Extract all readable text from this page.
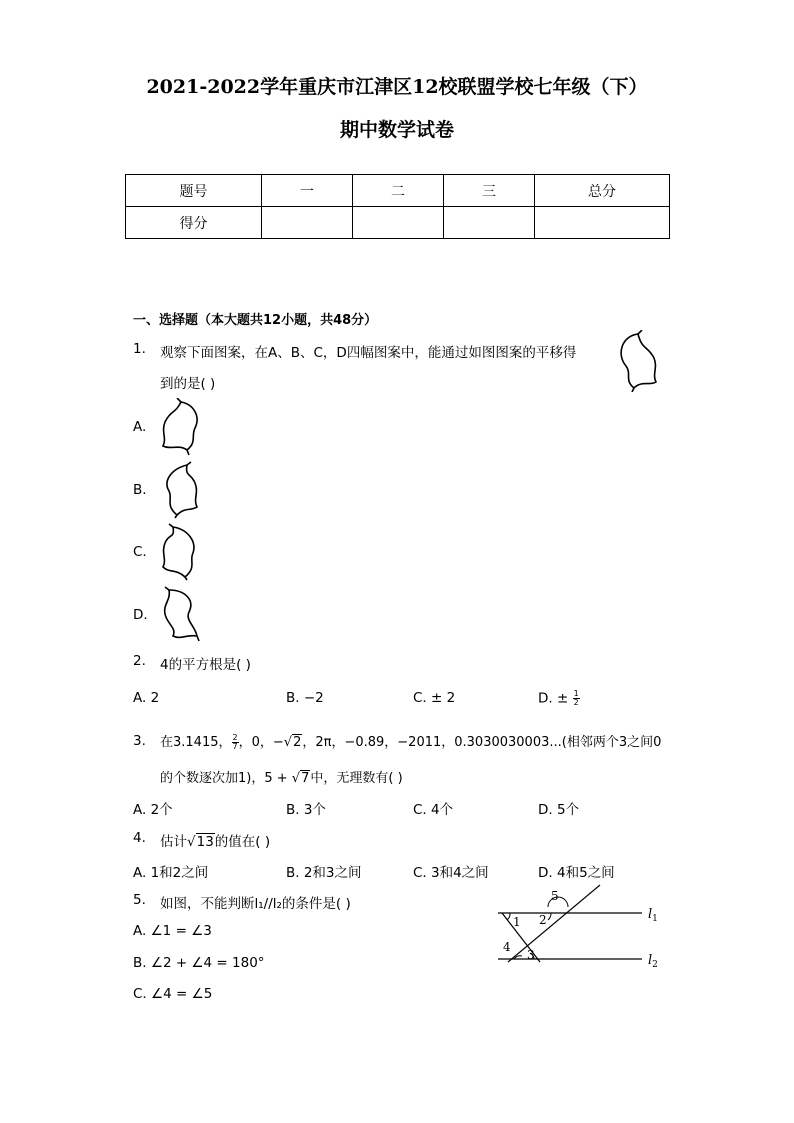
2021-2022学年重庆市江津区12校联盟学校七年级（下）
期中数学试卷
题号	一	二	三	总分
得分				
一、选择题（本大题共12小题，共48分）
1. 观察下面图案，在A、B、C，D四幅图案中，能通过如图图案的平移得
到的是( )
A.
B.
C.
D.
2. 4的平方根是( )
A. 2	B. −2	C. ± 2	D. ± $\frac{1}{2}$
3. 在3.1415， $\frac{2}{7}$ ，0，−√2，2π，−0.89，−2011，0.3030030003...(相邻两个3之间0
的个数逐次加1)，5 + √7中，无理数有( )
A. 2个	B. 3个	C. 4个	D. 5个
4. 估计√13的值在( )
A. 1和2之间	B. 2和3之间	C. 3和4之间	D. 4和5之间
5. 如图，不能判断l₁//l₂的条件是( )
A. ∠1 = ∠3
B. ∠2 + ∠4 = 180°
C. ∠4 = ∠5
1 2
3
4
5
$l_1$
$l_2$
